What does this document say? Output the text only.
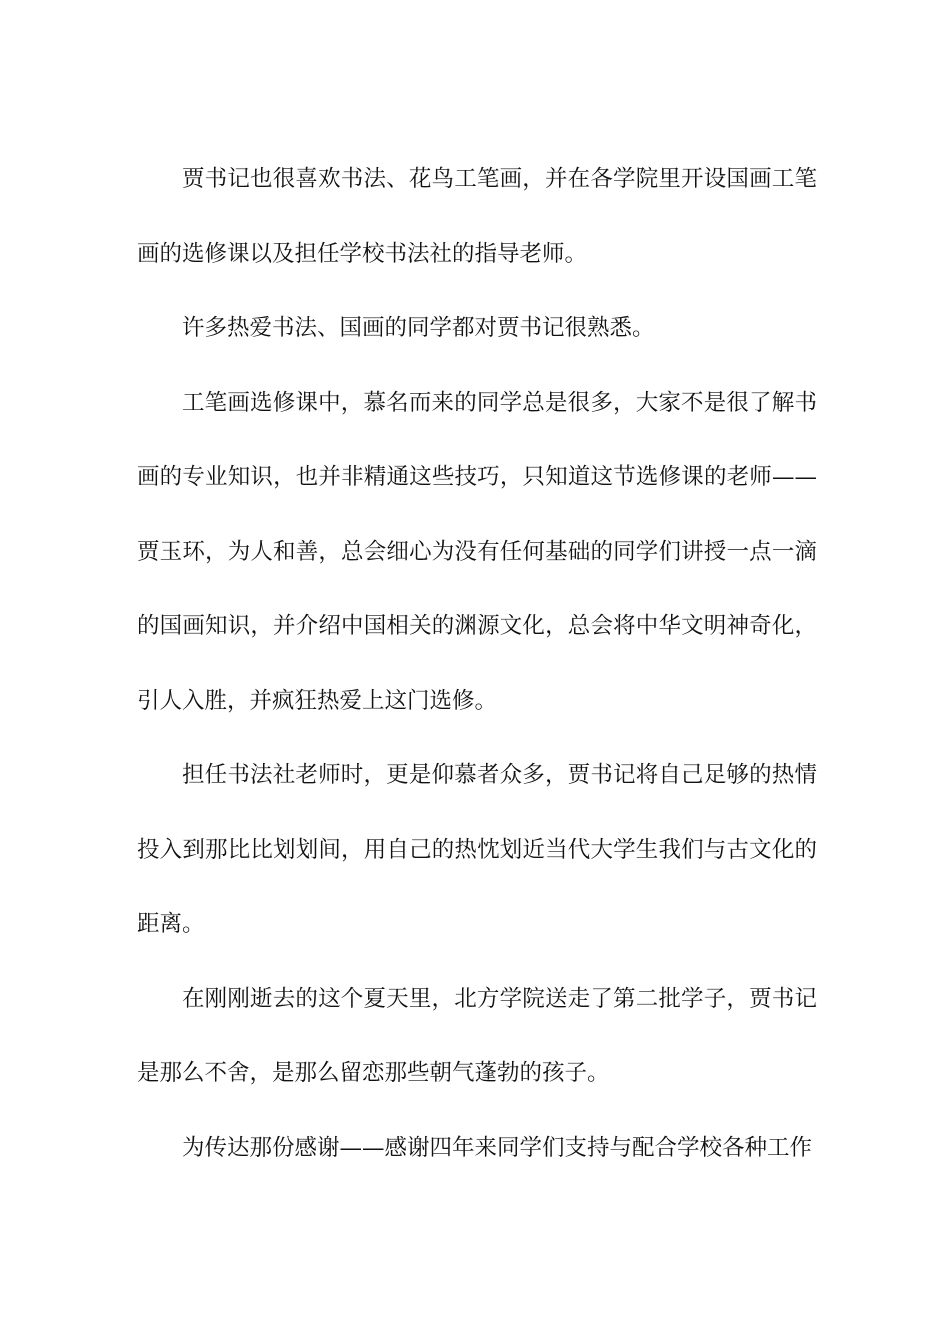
贾书记也很喜欢书法、花鸟工笔画，并在各学院里开设国画工笔画的选修课以及担任学校书法社的指导老师。

许多热爱书法、国画的同学都对贾书记很熟悉。

工笔画选修课中，慕名而来的同学总是很多，大家不是很了解书画的专业知识，也并非精通这些技巧，只知道这节选修课的老师——贾玉环，为人和善，总会细心为没有任何基础的同学们讲授一点一滴的国画知识，并介绍中国相关的渊源文化，总会将中华文明神奇化，引人入胜，并疯狂热爱上这门选修。

担任书法社老师时，更是仰慕者众多，贾书记将自己足够的热情投入到那比比划划间，用自己的热忱划近当代大学生我们与古文化的距离。

在刚刚逝去的这个夏天里，北方学院送走了第二批学子，贾书记是那么不舍，是那么留恋那些朝气蓬勃的孩子。

为传达那份感谢——感谢四年来同学们支持与配合学校各种工作
